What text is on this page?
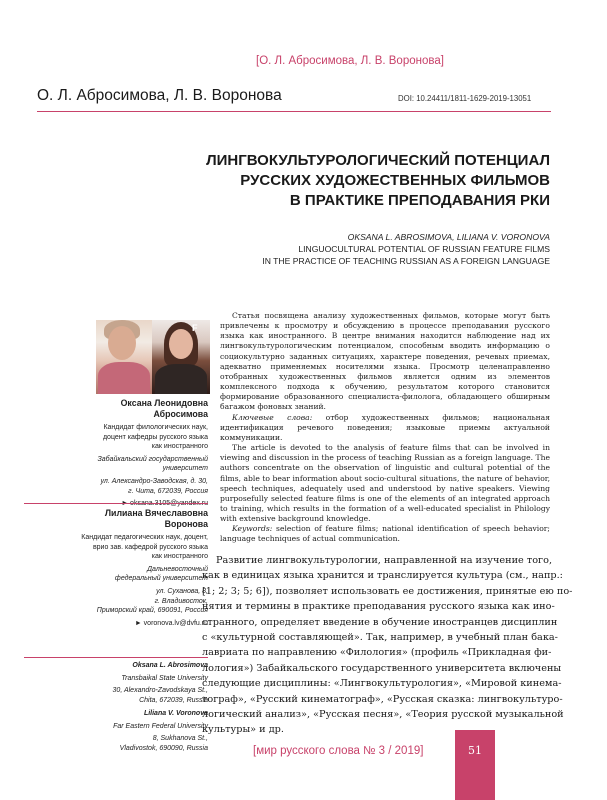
[О. Л. Абросимова, Л. В. Воронова]
О. Л. Абросимова, Л. В. Воронова	DOI: 10.24411/1811-1629-2019-13051
ЛИНГВОКУЛЬТУРОЛОГИЧЕСКИЙ ПОТЕНЦИАЛ
РУССКИХ ХУДОЖЕСТВЕННЫХ ФИЛЬМОВ
В ПРАКТИКЕ ПРЕПОДАВАНИЯ РКИ
OKSANA L. ABROSIMOVA, LILIANA V. VORONOVA
LINGUOCULTURAL POTENTIAL OF RUSSIAN FEATURE FILMS
IN THE PRACTICE OF TEACHING RUSSIAN AS A FOREIGN LANGUAGE
F
Оксана Леонидовна
Абросимова
Кандидат филологических наук,
доцент кафедры русского языка
как иностранного
Забайкальский государственный
университет
ул. Александро-Заводская, д. 30,
г. Чита, 672039, Россия
Лилиана Вячеславовна
Воронова
Кандидат педагогических наук, доцент,
врио зав. кафедрой русского языка
как иностранного
Дальневосточный
федеральный университет
ул. Суханова, 8,
г. Владивосток,
Приморский край, 690091, Россия
► voronova.lv@dvfu.ru
Oksana L. Abrosimova
Transbaikal State University
30, Alexandro-Zavodskaya St.,
Chita, 672039, Russia
Liliana V. Voronova
Far Eastern Federal University
8, Sukhanova St.,
Vladivostok, 690090, Russia

Статья посвящена анализу художественных фильмов, которые могут быть привлечены к просмотру и обсуждению в процессе преподавания русского языка как иностранного. В центре внимания находится наблюдение над их лингвокультурологическим потенциалом, способным вводить информацию о социокультурно заданных ситуациях, характере поведения, речевых приемах, адекватно применяемых носителями языка. Просмотр целенаправленно отобранных художественных фильмов является одним из элементов комплексного подхода к обучению, результатом которого становится формирование образованного специалиста-филолога, обладающего обширным багажом фоновых знаний.

Ключевые слова: отбор художественных фильмов; национальная идентификация речевого поведения; языковые приемы актуальной коммуникации.

The article is devoted to the analysis of feature films that can be involved in viewing and discussion in the process of teaching Russian as a foreign language. The authors concentrate on the observation of linguistic and cultural potential of the films, able to bear information about socio-cultural situations, the nature of behavior, speech techniques, adequately used and understood by native speakers. Viewing purposefully selected feature films is one of the elements of an integrated approach to training, which results in the formation of a well-educated specialist in Philology with extensive background knowledge.

Keywords: selection of feature films; national identification of speech behavior; language techniques of actual communication.

Развитие лингвокультурологии, направленной на изучение того,
как в единицах языка хранится и транслируется культура (см., напр.:
[1; 2; 3; 5; 6]), позволяет использовать ее достижения, принятые ею по-
нятия и термины в практике преподавания русского языка как ино-
странного, определяет введение в обучение иностранцев дисциплин
с «культурной составляющей». Так, например, в учебный план бака-
лавриата по направлению «Филология» (профиль «Прикладная фи-
лология») Забайкальского государственного университета включены
следующие дисциплины: «Лингвокультурология», «Мировой кинема-
тограф», «Русский кинематограф», «Русская сказка: лингвокультуро-
логический анализ», «Русская песня», «Теория русской музыкальной
культуры» и др.
[мир русского слова № 3 / 2019]	51
